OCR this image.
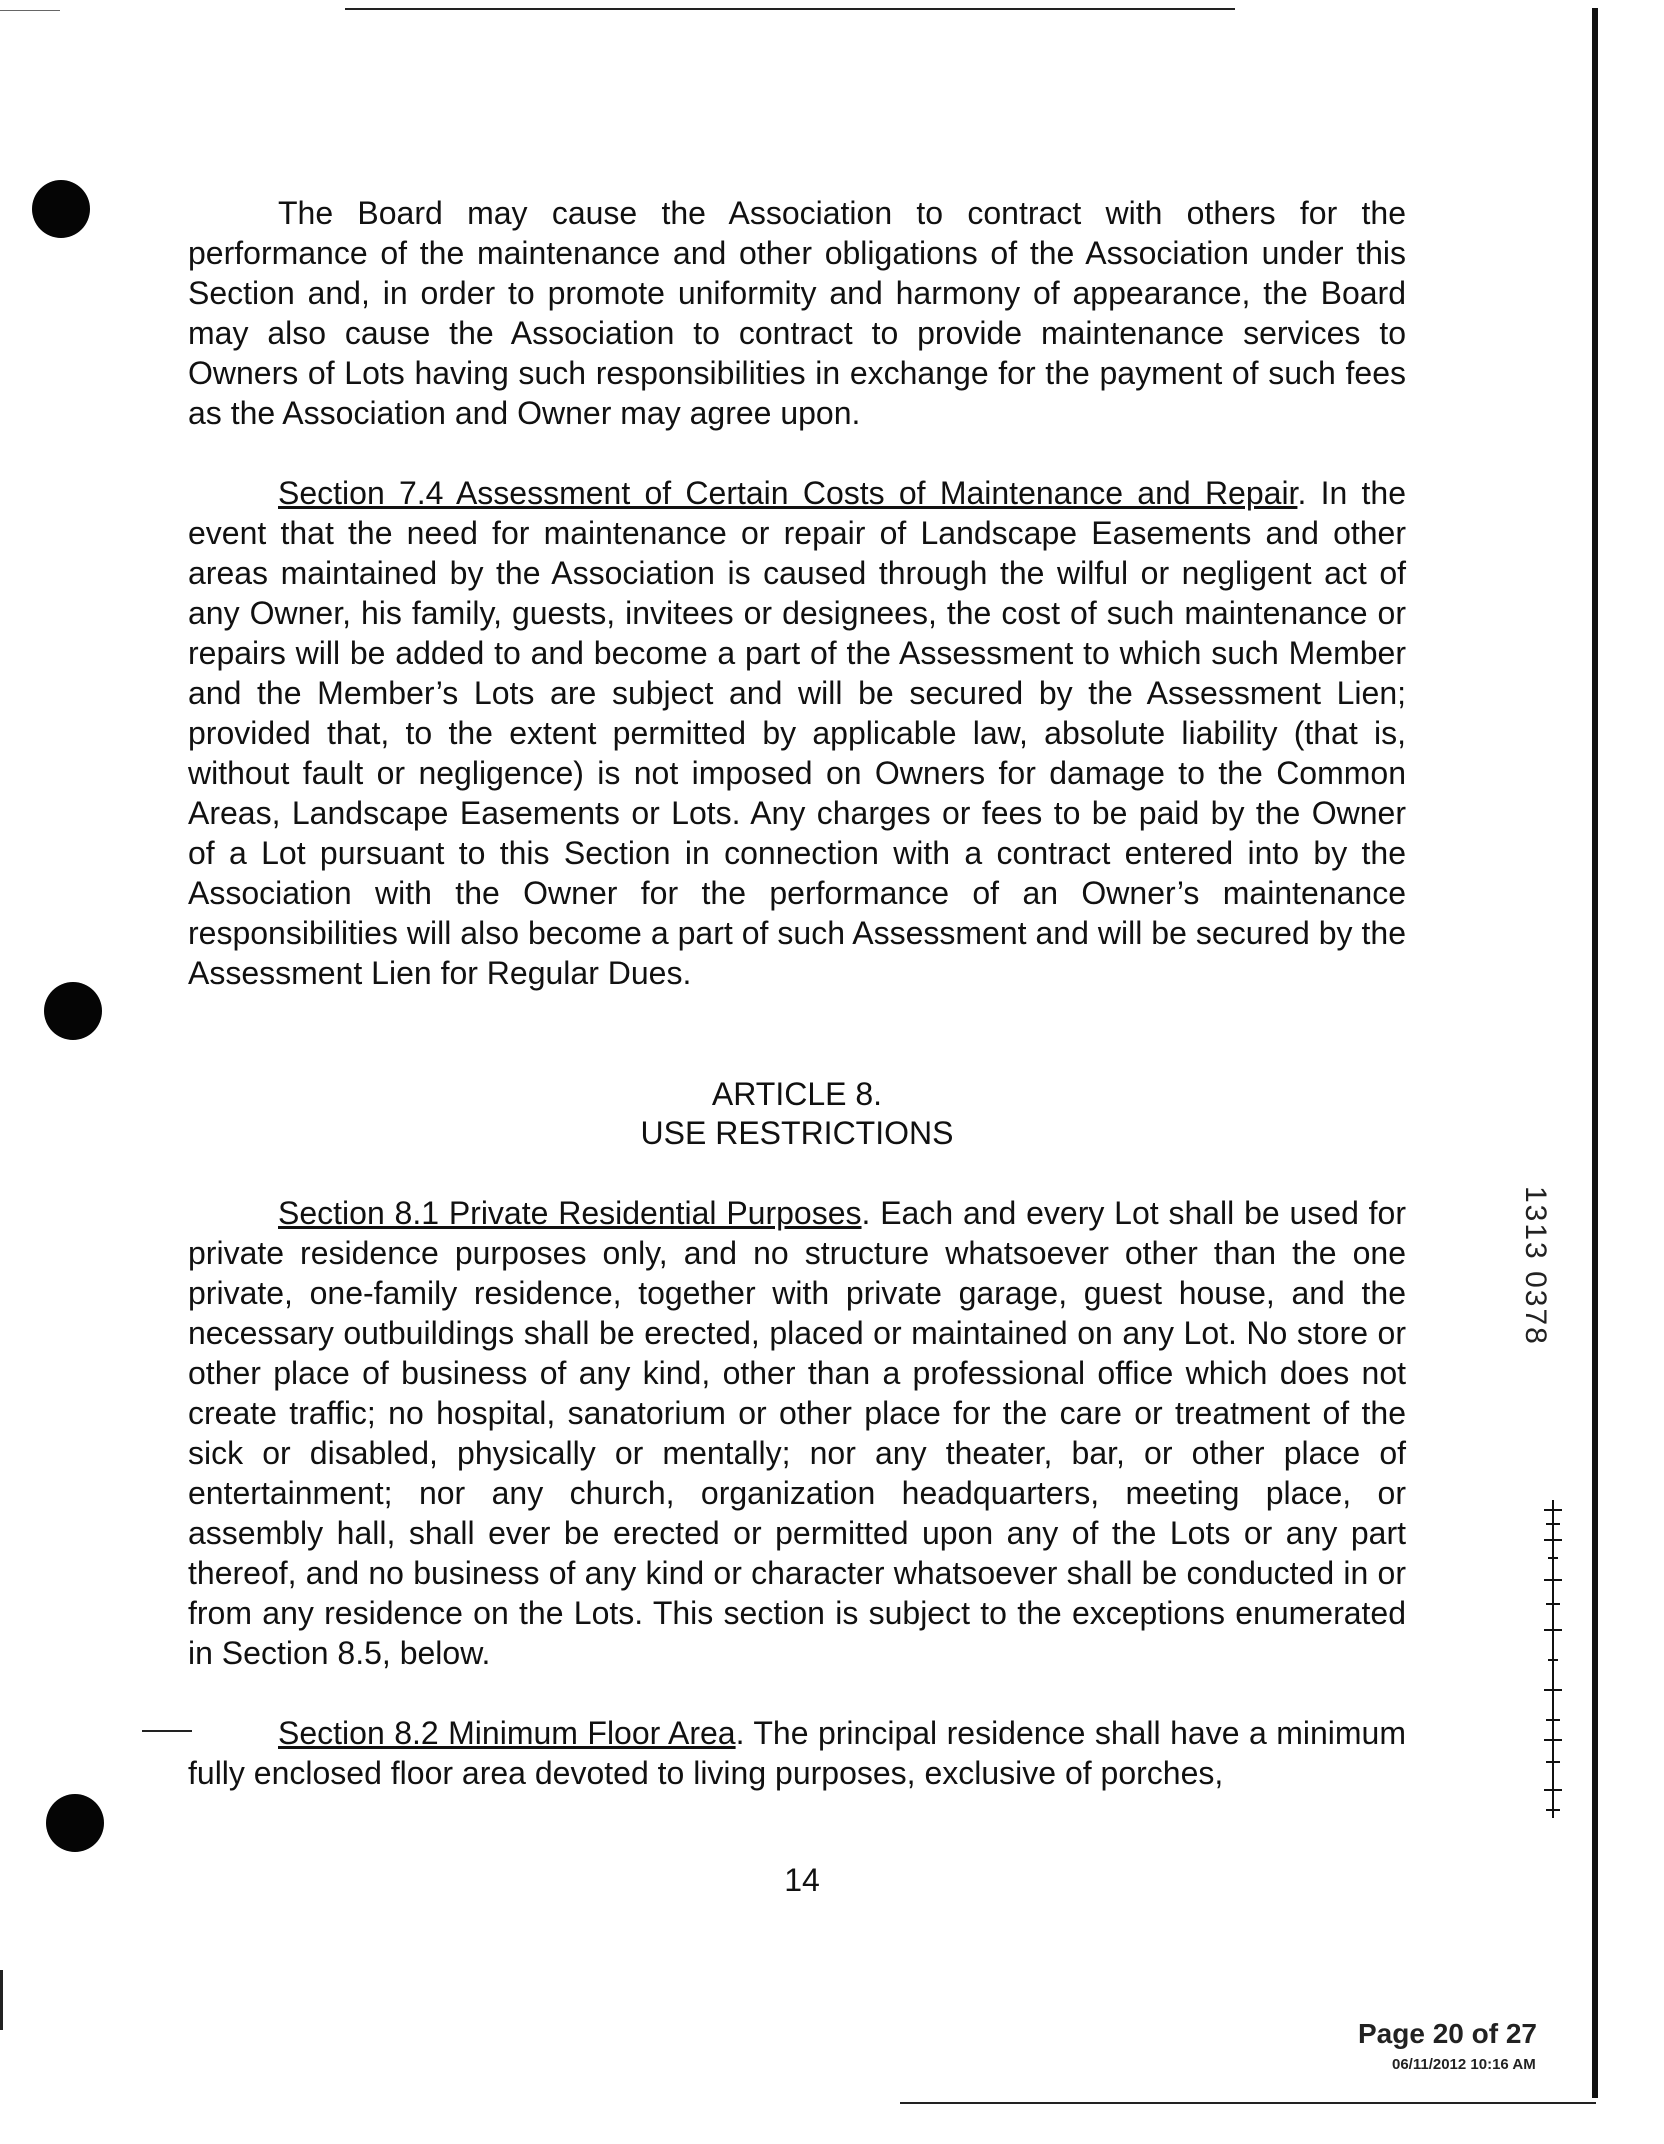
The Board may cause the Association to contract with others for the performance of the maintenance and other obligations of the Association under this Section and, in order to promote uniformity and harmony of appearance, the Board may also cause the Association to contract to provide maintenance services to Owners of Lots having such responsibilities in exchange for the payment of such fees as the Association and Owner may agree upon.

Section 7.4 Assessment of Certain Costs of Maintenance and Repair. In the event that the need for maintenance or repair of Landscape Easements and other areas maintained by the Association is caused through the wilful or negligent act of any Owner, his family, guests, invitees or designees, the cost of such maintenance or repairs will be added to and become a part of the Assessment to which such Member and the Member’s Lots are subject and will be secured by the Assessment Lien; provided that, to the extent permitted by applicable law, absolute liability (that is, without fault or negligence) is not imposed on Owners for damage to the Common Areas, Landscape Easements or Lots. Any charges or fees to be paid by the Owner of a Lot pursuant to this Section in connection with a contract entered into by the Association with the Owner for the performance of an Owner’s maintenance responsibilities will also become a part of such Assessment and will be secured by the Assessment Lien for Regular Dues.

ARTICLE 8.
USE RESTRICTIONS

Section 8.1 Private Residential Purposes. Each and every Lot shall be used for private residence purposes only, and no structure whatsoever other than the one private, one-family residence, together with private garage, guest house, and the necessary outbuildings shall be erected, placed or maintained on any Lot. No store or other place of business of any kind, other than a professional office which does not create traffic; no hospital, sanatorium or other place for the care or treatment of the sick or disabled, physically or mentally; nor any theater, bar, or other place of entertainment; nor any church, organization headquarters, meeting place, or assembly hall, shall ever be erected or permitted upon any of the Lots or any part thereof, and no business of any kind or character whatsoever shall be conducted in or from any residence on the Lots. This section is subject to the exceptions enumerated in Section 8.5, below.

Section 8.2 Minimum Floor Area. The principal residence shall have a minimum fully enclosed floor area devoted to living purposes, exclusive of porches,

14
1313 0378
Page 20 of 27
06/11/2012 10:16 AM
